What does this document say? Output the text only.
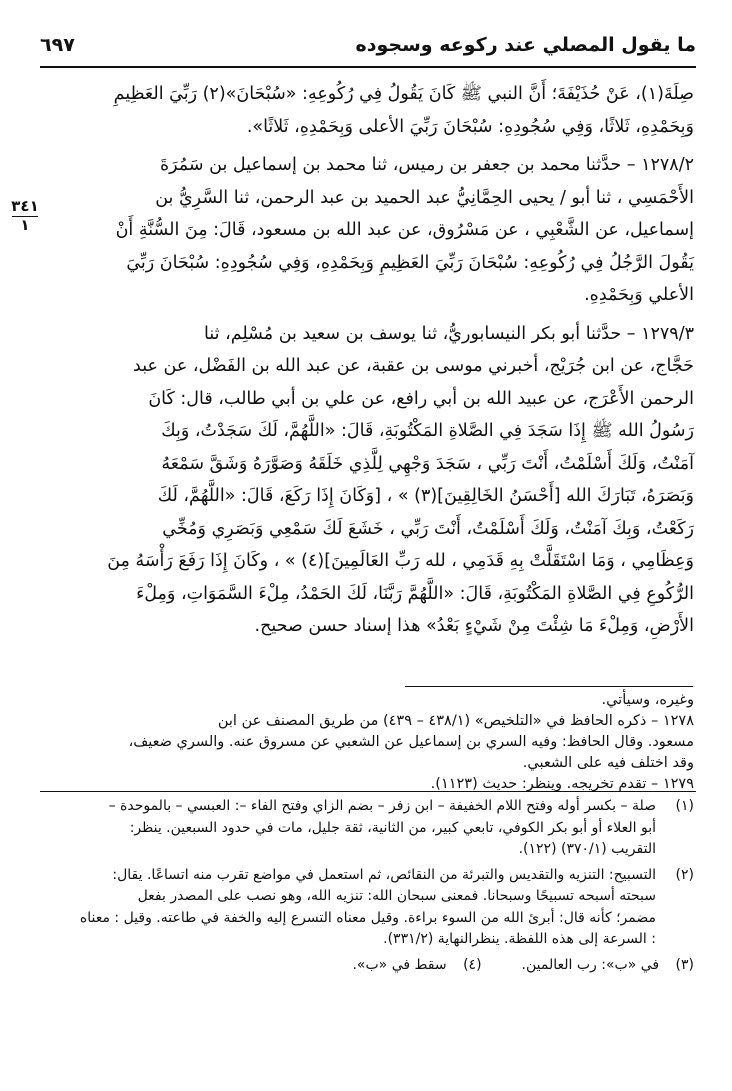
ما يقول المصلي عند ركوعه وسجوده
٦٩٧
٣٤١
١

صِلَةَ(١)، عَنْ حُذَيْفَةَ؛ أَنَّ النبي ﷺ كَانَ يَقُولُ فِي رُكُوعِهِ: «سُبْحَانَ»(٢) رَبِّيَ العَظِيمِ

وَبِحَمْدِهِ، ثَلاثًا، وَفِي سُجُودِهِ: سُبْحَانَ رَبِّيَ الأعلى وَبِحَمْدِهِ، ثَلاثًا».

١٢٧٨/٢ – حدَّثنا محمد بن جعفر بن رميس، ثنا محمد بن إسماعيل بن سَمُرَةَ

الأَحْمَسِي ، ثنا أبو / يحيى الحِمَّانِيُّ عبد الحميد بن عبد الرحمن، ثنا السَّرِيُّ بن

إسماعيل، عن الشَّعْبِي ، عن مَسْرُوق، عن عبد الله بن مسعود، قَالَ: مِنَ السُّنَّةِ أَنْ

يَقُولَ الرَّجُلُ فِي رُكُوعِهِ: سُبْحَانَ رَبِّيَ العَظِيمِ وَبِحَمْدِهِ، وَفِي سُجُودِهِ: سُبْحَانَ رَبِّيَ

الأعلي وَبِحَمْدِهِ.

١٢٧٩/٣ – حدَّثنا أبو بكر النيسابوريُّ، ثنا يوسف بن سعيد بن مُسْلِم، ثنا

حَجَّاج، عن ابن جُرَيْج، أخبرني موسى بن عقبة، عن عبد الله بن الفَضْل، عن عبد

الرحمن الأَعْرَج، عن عبيد الله بن أبي رافع، عن علي بن أبي طالب، قال: كَانَ

رَسُولُ الله ﷺ إِذَا سَجَدَ فِي الصَّلاةِ المَكْتُوبَةِ، قَالَ: «اللَّهُمَّ، لَكَ سَجَدْتُ، وَبِكَ

آمَنْتُ، وَلَكَ أَسْلَمْتُ، أَنْتَ رَبِّي ، سَجَدَ وَجْهِي لِلَّذِي خَلَقَهُ وَصَوَّرَهُ وَشَقَّ سَمْعَهُ

وَبَصَرَهُ، تَبَارَكَ الله [أَحْسَنُ الخَالِقِينَ](٣) » ، [وَكَانَ إِذَا رَكَعَ، قَالَ: «اللَّهُمَّ، لَكَ

رَكَعْتُ، وَبِكَ آمَنْتُ، وَلَكَ أَسْلَمْتُ، أَنْتَ رَبِّي ، خَشَعَ لَكَ سَمْعِي وَبَصَرِي وَمُخِّي

وَعِظَامِي ، وَمَا اسْتَقَلَّتْ بِهِ قَدَمِي ، لله رَبِّ العَالَمِينَ](٤) » ، وكَانَ إِذَا رَفَعَ رَأْسَهُ مِنَ

الرُّكُوعِ فِي الصَّلاةِ المَكْتُوبَةِ، قَالَ: «اللَّهُمَّ رَبَّنَا، لَكَ الحَمْدُ، مِلْءَ السَّمَوَاتِ، وَمِلْءَ

الأَرْضِ، وَمِلْءَ مَا شِئْتَ مِنْ شَيْءٍ بَعْدُ» هذا إسناد حسن صحيح.

وغيره، وسيأتي.

١٢٧٨ – ذكره الحافظ في «التلخيص» (٤٣٨/١ – ٤٣٩) من طريق المصنف عن ابن

مسعود. وقال الحافظ: وفيه السري بن إسماعيل عن الشعبي عن مسروق عنه. والسري ضعيف،

وقد اختلف فيه على الشعبي.

١٢٧٩ – تقدم تخريجه. وينظر: حديث (١١٢٣).

(١)

صلة – بكسر أوله وفتح اللام الخفيفة – ابن زفر – بضم الزاي وفتح الفاء –: العبسي – بالموحدة –

أبو العلاء أو أبو بكر الكوفي، تابعي كبير، من الثانية، ثقة جليل، مات في حدود السبعين. ينظر:

التقريب (٣٧٠/١) (١٢٢).

(٢)

التسبيح: التنزيه والتقديس والتبرئة من النقائص، ثم استعمل في مواضع تقرب منه اتساعًا. يقال:

سبحته أسبحه تسبيحًا وسبحانا. فمعنى سبحان الله: تنزيه الله، وهو نصب على المصدر بفعل

مضمر؛ كأنه قال: أبرئ الله من السوء براءة. وقيل معناه التسرع إليه والخفة في طاعته. وقيل : معناه

: السرعة إلى هذه اللفظة. ينظرالنهاية (٣٣١/٢).

(٣) في «ب»: رب العالمين.
(٤) سقط في «ب».
